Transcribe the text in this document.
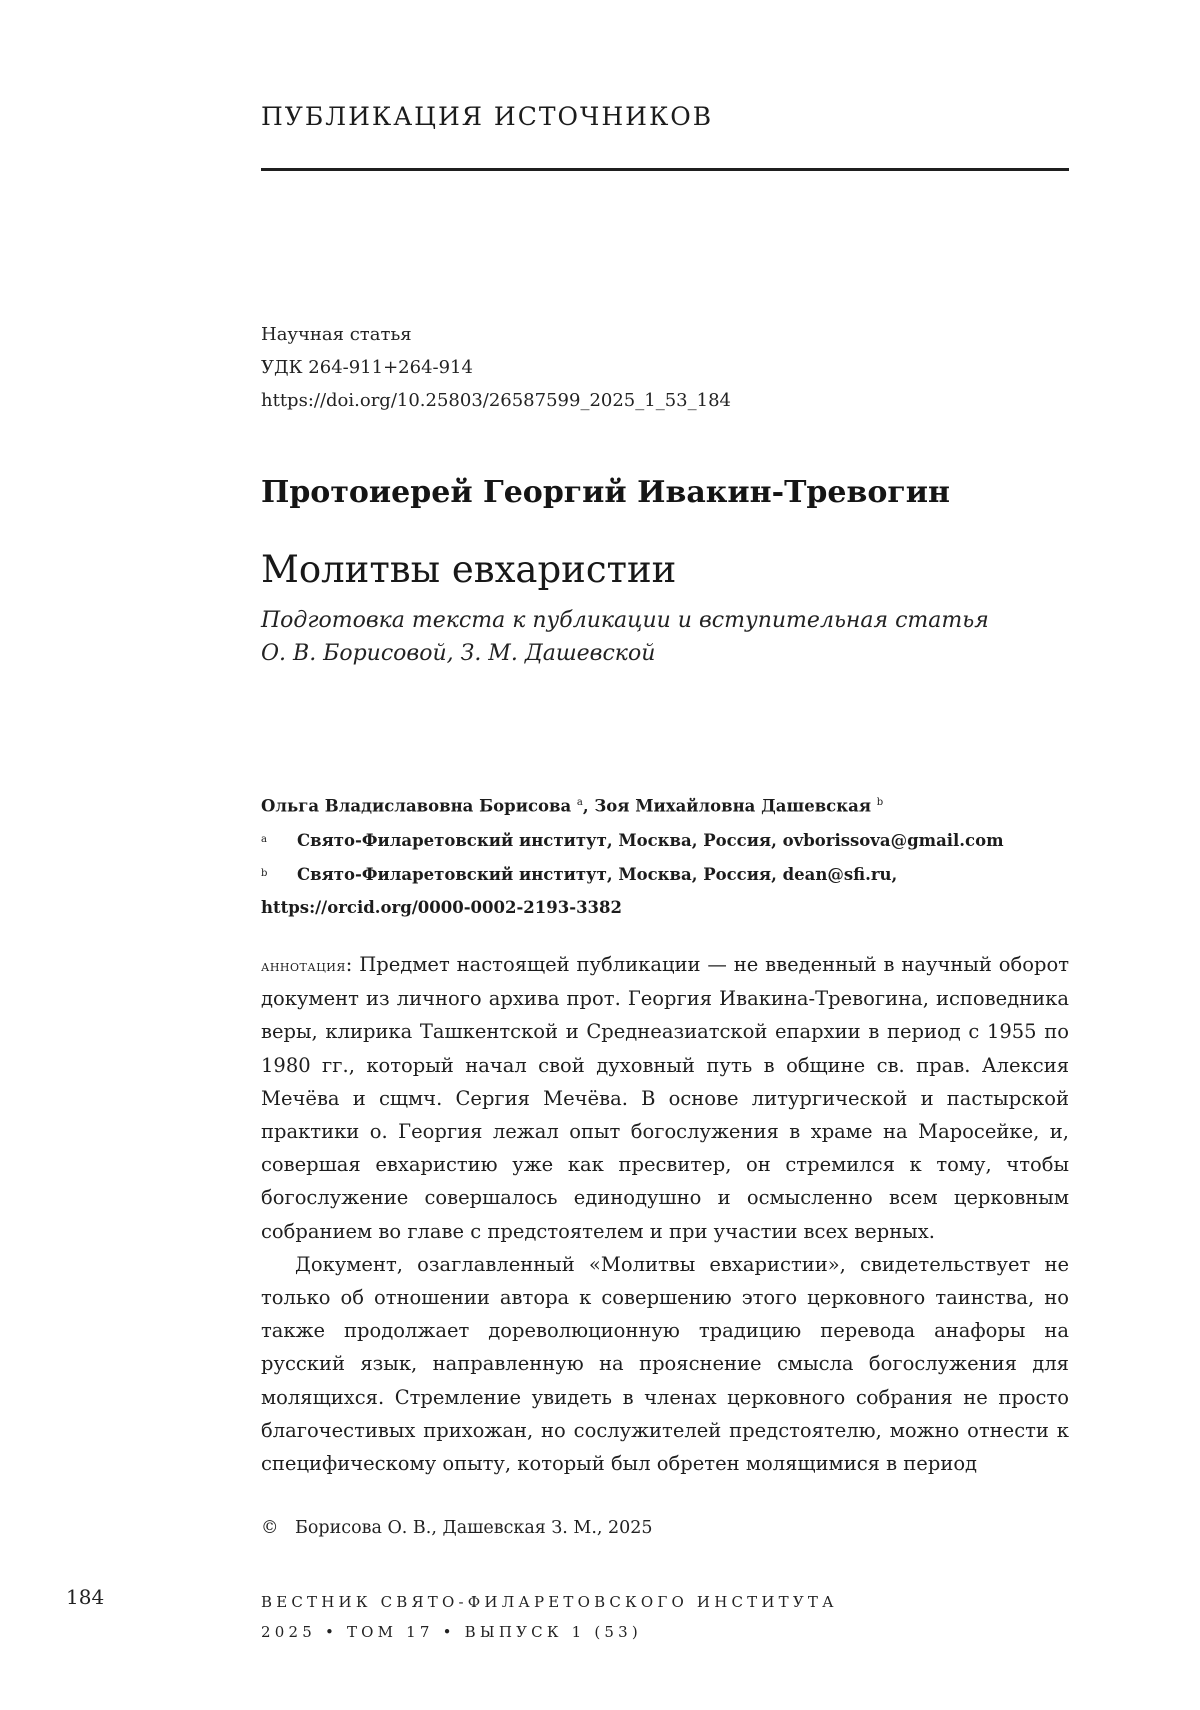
ПУБЛИКАЦИЯ ИСТОЧНИКОВ
Научная статья
УДК 264-911+264-914
https://doi.org/10.25803/26587599_2025_1_53_184
Протоиерей Георгий Ивакин-Тревогин
Молитвы евхаристии
Подготовка текста к публикации и вступительная статья
О. В. Борисовой, З. М. Дашевской
Ольга Владиславовна Борисова $^a$, Зоя Михайловна Дашевская $^b$
a Свято-Филаретовский институт, Москва, Россия, ovborissova@gmail.com
b Свято-Филаретовский институт, Москва, Россия, dean@sfi.ru,
https://orcid.org/0000-0002-2193-3382

аннотация: Предмет настоящей публикации — не введенный в научный оборот документ из личного архива прот. Георгия Ивакина-Тревогина, исповедника веры, клирика Ташкентской и Среднеазиатской епархии в период с 1955 по 1980 гг., который начал свой духовный путь в общине св. прав. Алексия Мечёва и сщмч. Сергия Мечёва. В основе литургической и пастырской практики о. Георгия лежал опыт богослужения в храме на Маросейке, и, совершая евхаристию уже как пресвитер, он стремился к тому, чтобы богослужение совершалось единодушно и осмысленно всем церковным собранием во главе с предстоятелем и при участии всех верных.

Документ, озаглавленный «Молитвы евхаристии», свидетельствует не только об отношении автора к совершению этого церковного таинства, но также продолжает дореволюционную традицию перевода анафоры на русский язык, направленную на прояснение смысла богослужения для молящихся. Стремление увидеть в членах церковного собрания не просто благочестивых прихожан, но сослужителей предстоятелю, можно отнести к специфическому опыту, который был обретен молящимися в период

© Борисова О. В., Дашевская З. М., 2025
184	ВЕСТНИК СВЯТО-ФИЛАРЕТОВСКОГО ИНСТИТУТА
2025 • ТОМ 17 • ВЫПУСК 1 (53)
